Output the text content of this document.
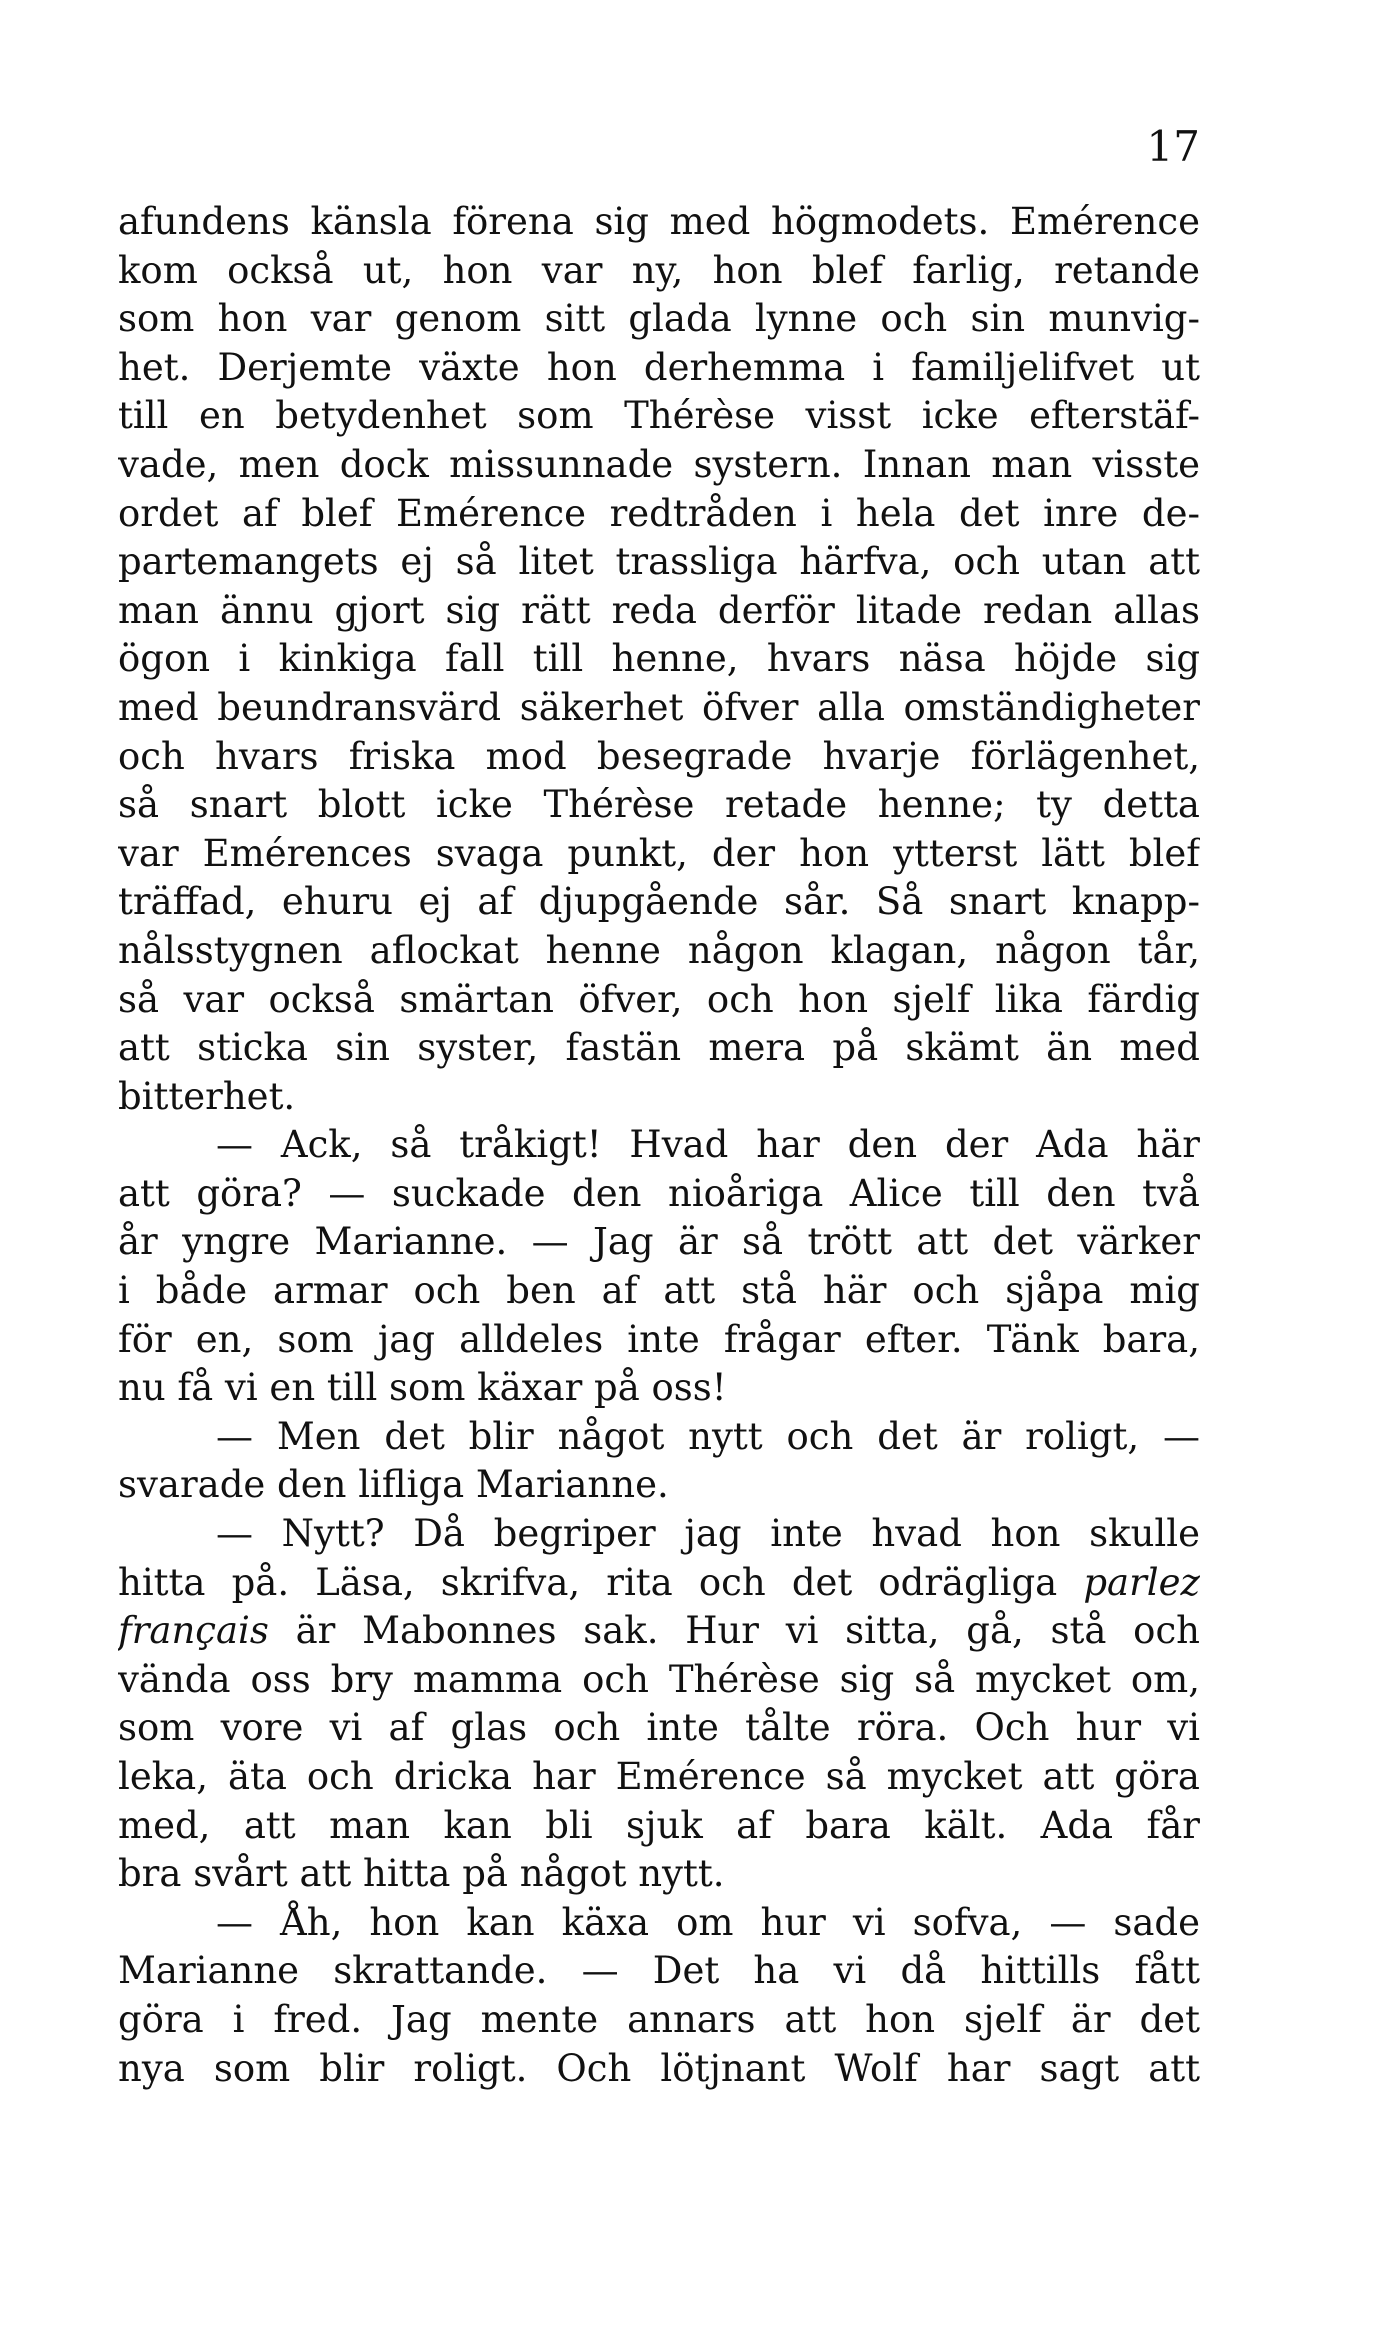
17
afundens känsla förena sig med högmodets. Emérence
kom också ut, hon var ny, hon blef farlig, retande
som hon var genom sitt glada lynne och sin munvig-
het. Derjemte växte hon derhemma i familjelifvet ut
till en betydenhet som Thérèse visst icke efterstäf-
vade, men dock missunnade systern. Innan man visste
ordet af blef Emérence redtråden i hela det inre de-
partemangets ej så litet trassliga härfva, och utan att
man ännu gjort sig rätt reda derför litade redan allas
ögon i kinkiga fall till henne, hvars näsa höjde sig
med beundransvärd säkerhet öfver alla omständigheter
och hvars friska mod besegrade hvarje förlägenhet,
så snart blott icke Thérèse retade henne; ty detta
var Emérences svaga punkt, der hon ytterst lätt blef
träffad, ehuru ej af djupgående sår. Så snart knapp-
nålsstygnen aflockat henne någon klagan, någon tår,
så var också smärtan öfver, och hon sjelf lika färdig
att sticka sin syster, fastän mera på skämt än med
bitterhet.
— Ack, så tråkigt! Hvad har den der Ada här
att göra? — suckade den nioåriga Alice till den två
år yngre Marianne. — Jag är så trött att det värker
i både armar och ben af att stå här och sjåpa mig
för en, som jag alldeles inte frågar efter. Tänk bara,
nu få vi en till som käxar på oss!
— Men det blir något nytt och det är roligt, —
svarade den lifliga Marianne.
— Nytt? Då begriper jag inte hvad hon skulle
hitta på. Läsa, skrifva, rita och det odrägliga parlez
français är Mabonnes sak. Hur vi sitta, gå, stå och
vända oss bry mamma och Thérèse sig så mycket om,
som vore vi af glas och inte tålte röra. Och hur vi
leka, äta och dricka har Emérence så mycket att göra
med, att man kan bli sjuk af bara kält. Ada får
bra svårt att hitta på något nytt.
— Åh, hon kan käxa om hur vi sofva, — sade
Marianne skrattande. — Det ha vi då hittills fått
göra i fred. Jag mente annars att hon sjelf är det
nya som blir roligt. Och lötjnant Wolf har sagt att
